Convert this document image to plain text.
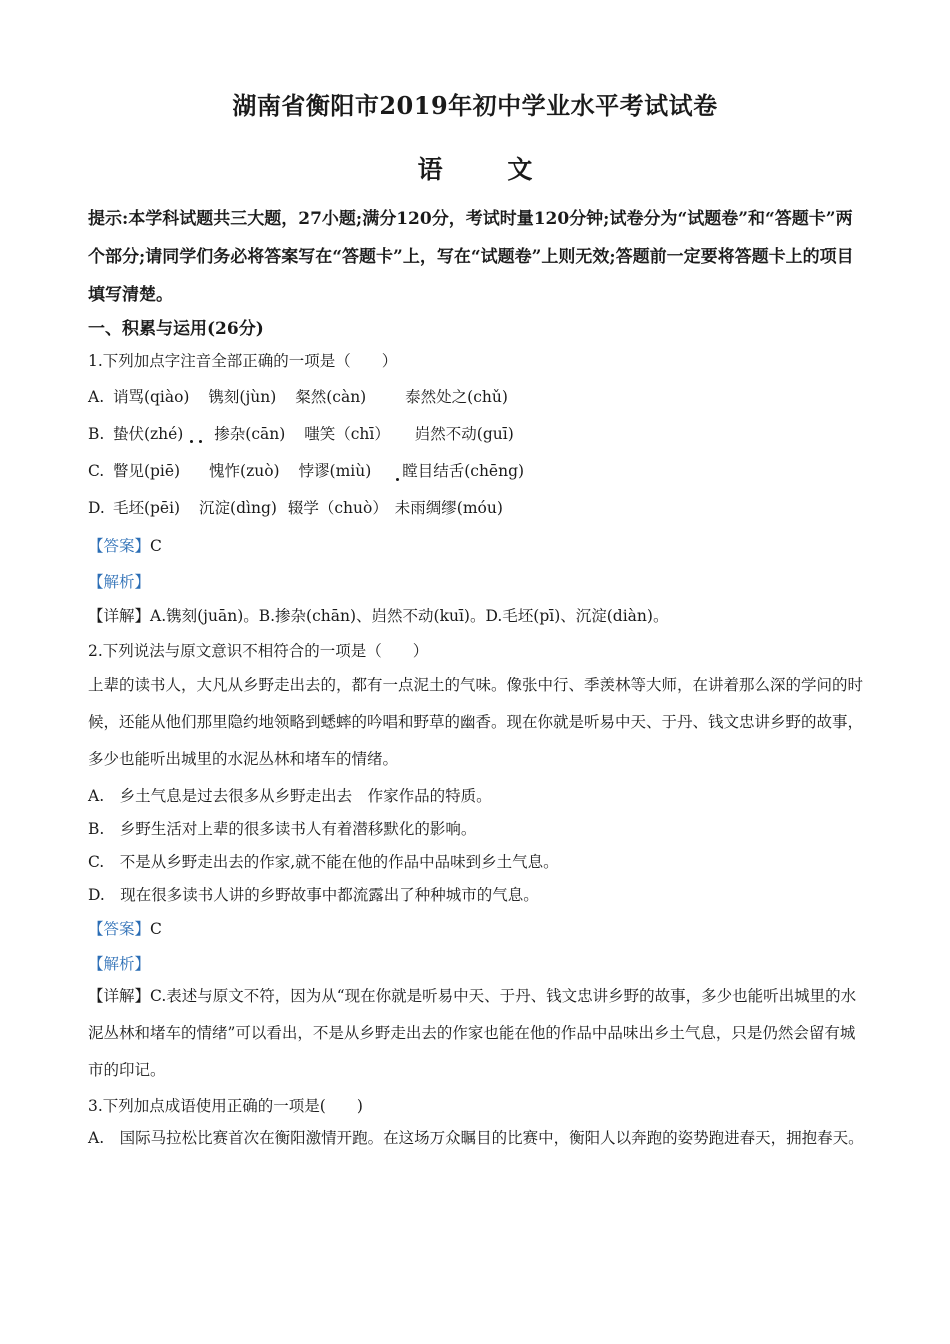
湖南省衡阳市2019年初中学业水平考试试卷
语 文
提示:本学科试题共三大题，27小题;满分120分，考试时量120分钟;试卷分为“试题卷”和“答题卡”两个部分;请同学们务必将答案写在“答题卡”上，写在“试题卷”上则无效;答题前一定要将答题卡上的项目填写清楚。
一、积累与运用(26分)
1.下列加点字注音全部正确的一项是（　　）
A. 诮骂(qiào) 镌刻(jùn) 粲然(càn)	泰然处之(chǔ)
B. 蛰伏(zhé) 掺杂(cān) 嗤笑（chī） 岿然不动(guī)
C. 瞥见(piē) 愧怍(zuò) 悖谬(miù) 瞠目结舌(chēng)
D. 毛坯(pēi) 沉淀(dìng) 辍学（chuò） 未雨绸缪(móu)
【答案】C
【解析】
【详解】A.镌刻(juān)。B.掺杂(chān)、岿然不动(kuī)。D.毛坯(pī)、沉淀(diàn)。
2.下列说法与原文意识不相符合的一项是（　　）
上辈的读书人，大凡从乡野走出去的，都有一点泥土的气味。像张中行、季羡林等大师，在讲着那么深的学问的时候，还能从他们那里隐约地领略到蟋蟀的吟唱和野草的幽香。现在你就是听易中天、于丹、钱文忠讲乡野的故事，多少也能听出城里的水泥丛林和堵车的情绪。
A.　乡土气息是过去很多从乡野走出去　作家作品的特质。
B.　乡野生活对上辈的很多读书人有着潜移默化的影响。
C.　不是从乡野走出去的作家,就不能在他的作品中品味到乡土气息。
D.　现在很多读书人讲的乡野故事中都流露出了种种城市的气息。
【答案】C
【解析】
【详解】C.表述与原文不符，因为从“现在你就是听易中天、于丹、钱文忠讲乡野的故事，多少也能听出城里的水泥丛林和堵车的情绪”可以看出，不是从乡野走出去的作家也能在他的作品中品味出乡土气息，只是仍然会留有城市的印记。
3.下列加点成语使用正确的一项是(　　)
A.　国际马拉松比赛首次在衡阳激情开跑。在这场万众瞩目的比赛中，衡阳人以奔跑的姿势跑进春天，拥抱春天。
